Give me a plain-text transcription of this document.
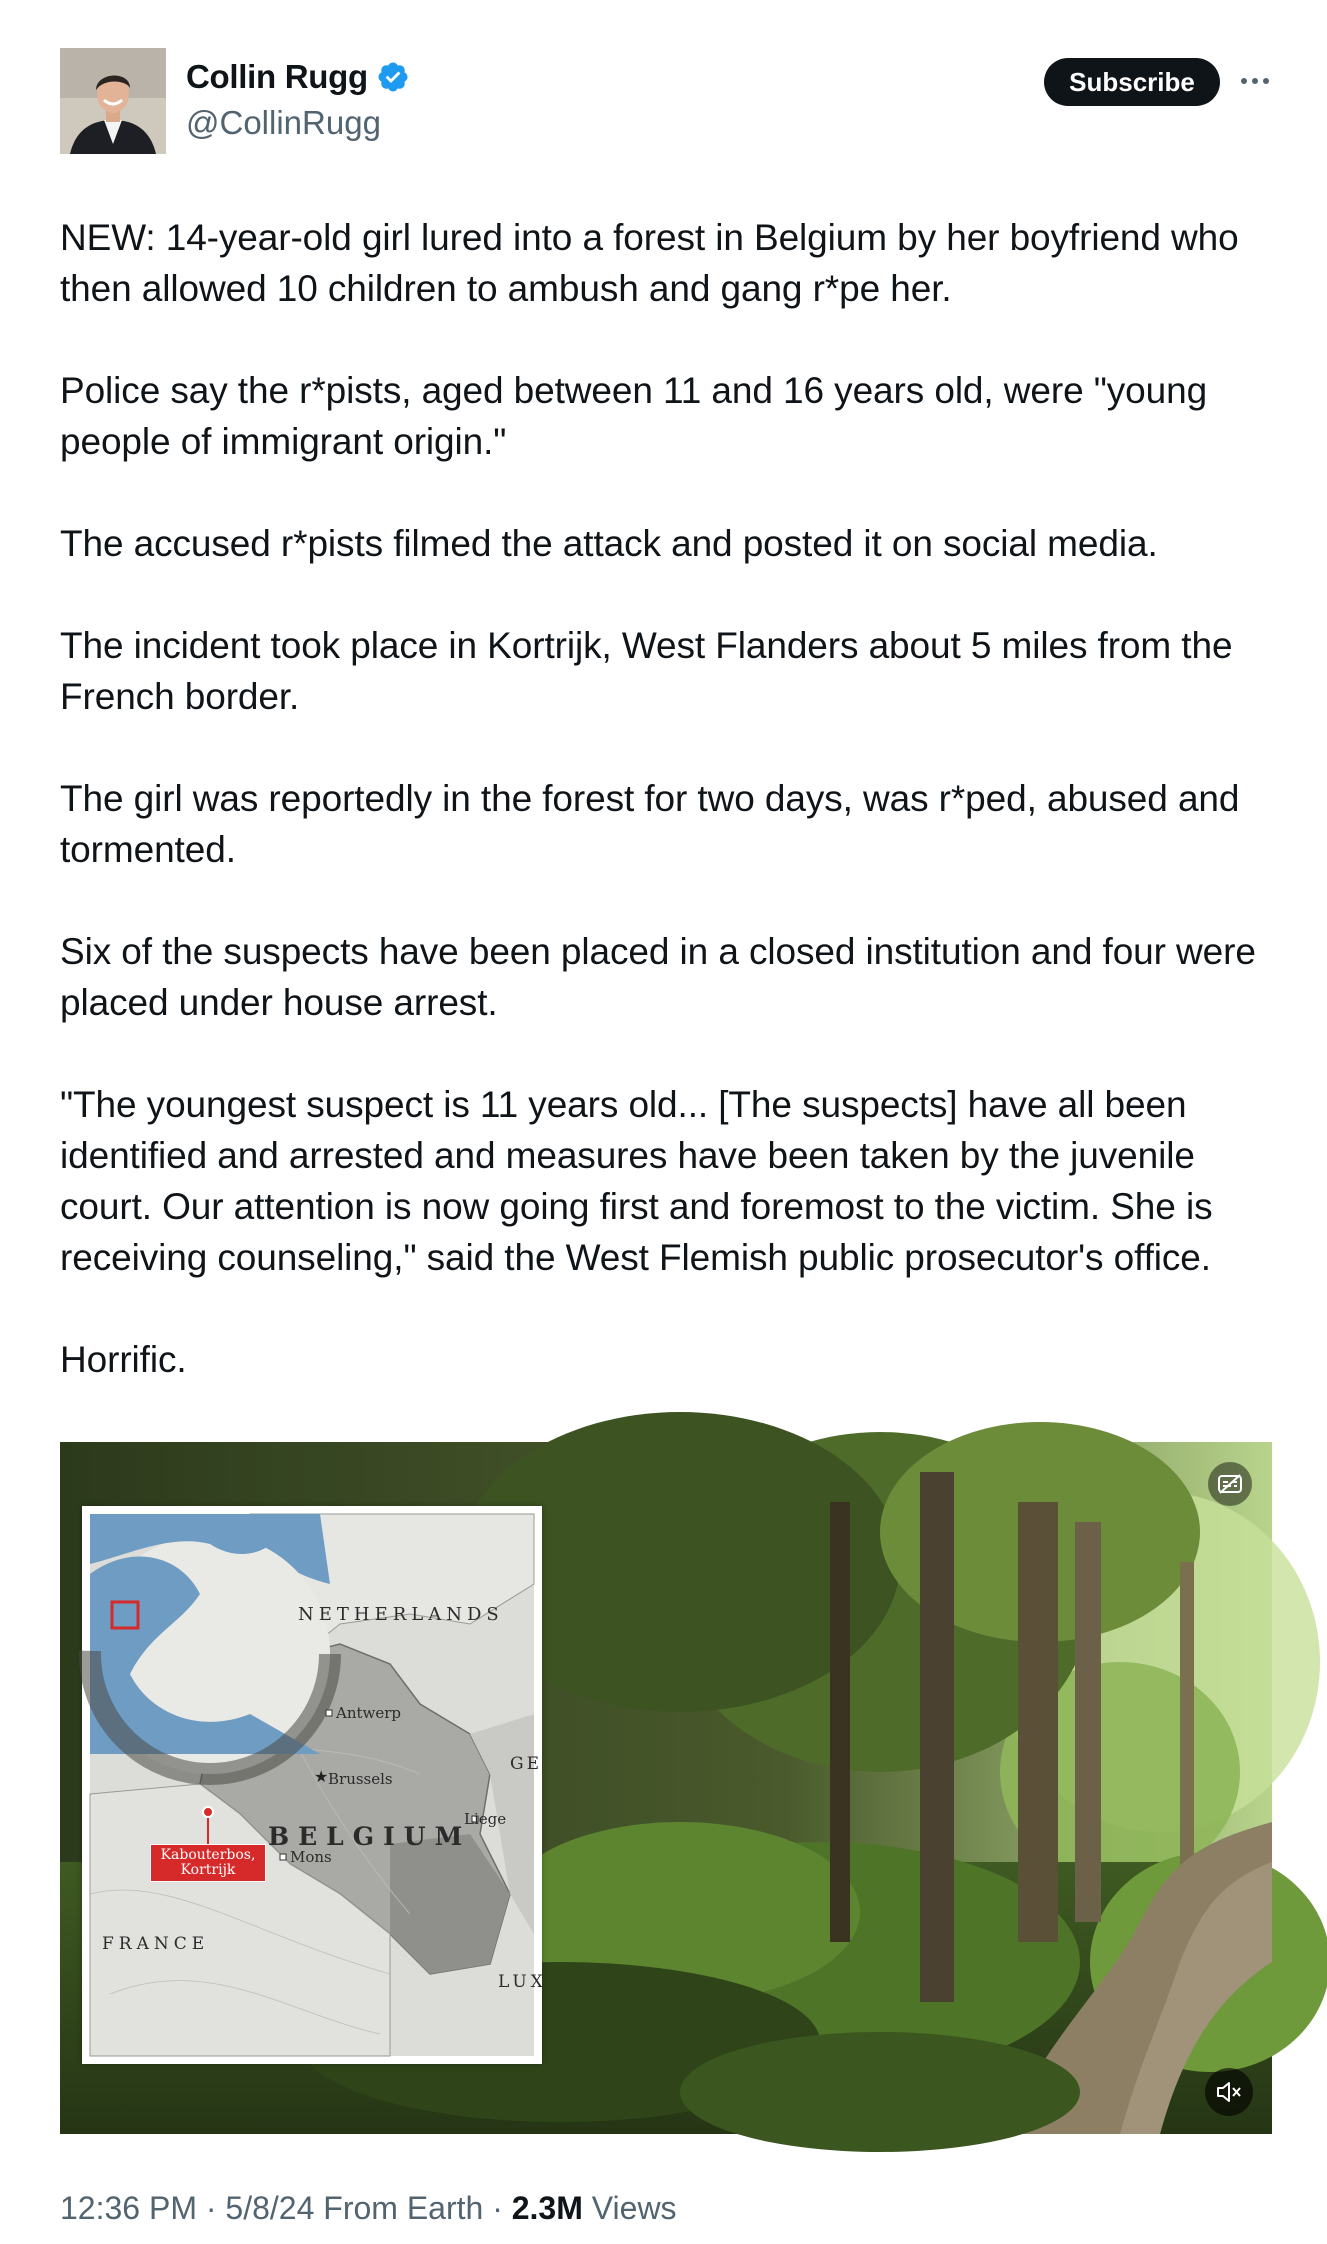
Collin Rugg
@CollinRugg
Subscribe

NEW: 14-year-old girl lured into a forest in Belgium by her boyfriend who then allowed 10 children to ambush and gang r*pe her.

Police say the r*pists, aged between 11 and 16 years old, were "young people of immigrant origin."

The accused r*pists filmed the attack and posted it on social media.

The incident took place in Kortrijk, West Flanders about 5 miles from the French border.

The girl was reportedly in the forest for two days, was r*ped, abused and tormented.

Six of the suspects have been placed in a closed institution and four were placed under house arrest.

"The youngest suspect is 11 years old... [The suspects] have all been identified and arrested and measures have been taken by the juvenile court. Our attention is now going first and foremost to the victim. She is receiving counseling," said the West Flemish public prosecutor's office.

Horrific.

★
NETHERLANDS
BELGIUM
FRANCE
GE
LUX
Antwerp
Brussels
Liege
Mons
Kabouterbos,
Kortrijk
12:36 PM · 5/8/24 From Earth · 2.3M Views
